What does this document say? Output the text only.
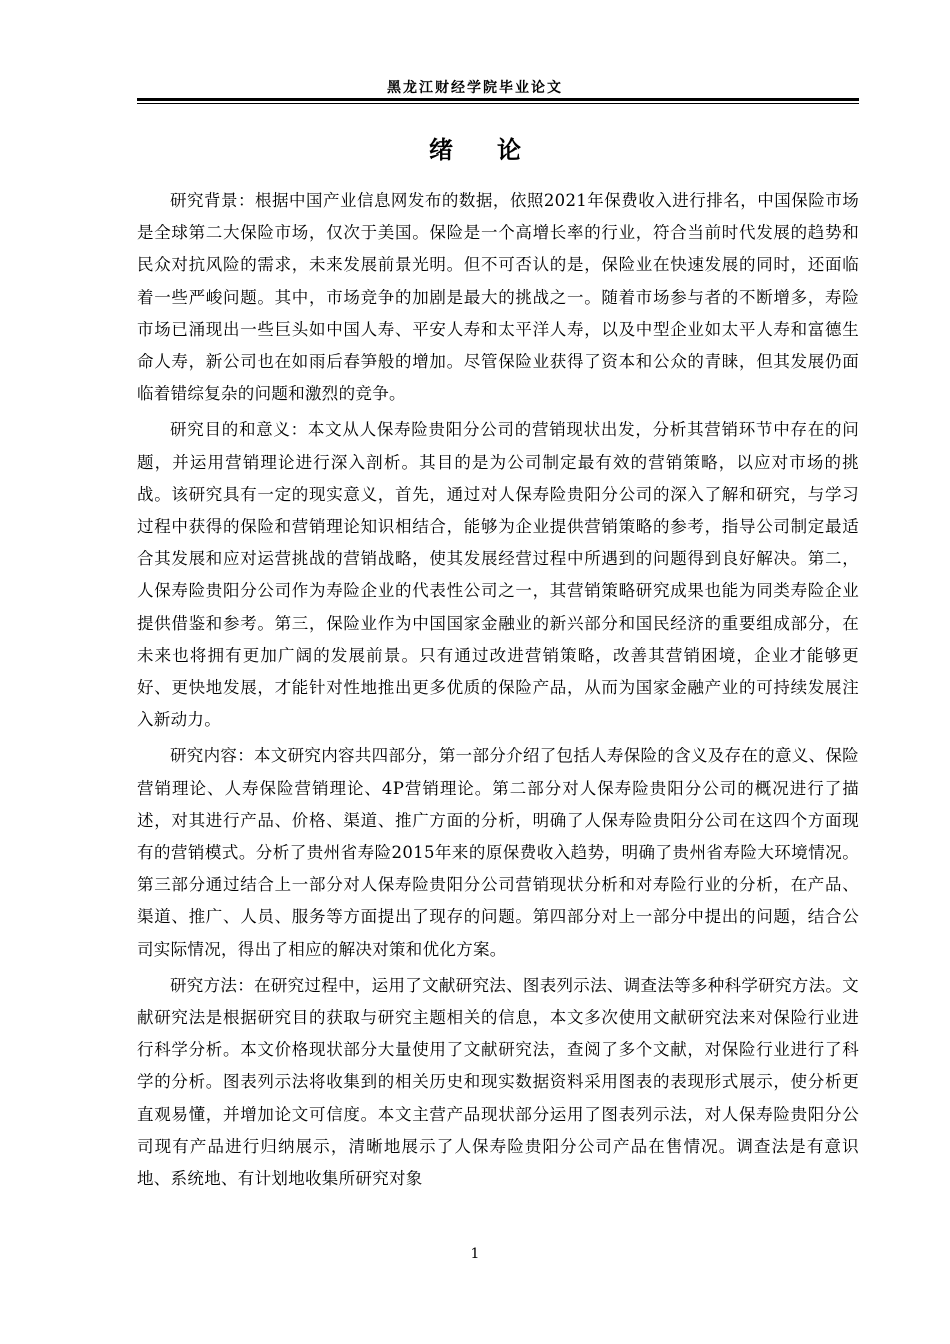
黑龙江财经学院毕业论文
绪论

研究背景：根据中国产业信息网发布的数据，依照2021年保费收入进行排名，中国保险市场是全球第二大保险市场，仅次于美国。保险是一个高增长率的行业，符合当前时代发展的趋势和民众对抗风险的需求，未来发展前景光明。但不可否认的是，保险业在快速发展的同时，还面临着一些严峻问题。其中，市场竞争的加剧是最大的挑战之一。随着市场参与者的不断增多，寿险市场已涌现出一些巨头如中国人寿、平安人寿和太平洋人寿，以及中型企业如太平人寿和富德生命人寿，新公司也在如雨后春笋般的增加。尽管保险业获得了资本和公众的青睐，但其发展仍面临着错综复杂的问题和激烈的竞争。

研究目的和意义：本文从人保寿险贵阳分公司的营销现状出发，分析其营销环节中存在的问题，并运用营销理论进行深入剖析。其目的是为公司制定最有效的营销策略，以应对市场的挑战。该研究具有一定的现实意义，首先，通过对人保寿险贵阳分公司的深入了解和研究，与学习过程中获得的保险和营销理论知识相结合，能够为企业提供营销策略的参考，指导公司制定最适合其发展和应对运营挑战的营销战略，使其发展经营过程中所遇到的问题得到良好解决。第二，人保寿险贵阳分公司作为寿险企业的代表性公司之一，其营销策略研究成果也能为同类寿险企业提供借鉴和参考。第三，保险业作为中国国家金融业的新兴部分和国民经济的重要组成部分，在未来也将拥有更加广阔的发展前景。只有通过改进营销策略，改善其营销困境，企业才能够更好、更快地发展，才能针对性地推出更多优质的保险产品，从而为国家金融产业的可持续发展注入新动力。

研究内容：本文研究内容共四部分，第一部分介绍了包括人寿保险的含义及存在的意义、保险营销理论、人寿保险营销理论、4P营销理论。第二部分对人保寿险贵阳分公司的概况进行了描述，对其进行产品、价格、渠道、推广方面的分析，明确了人保寿险贵阳分公司在这四个方面现有的营销模式。分析了贵州省寿险2015年来的原保费收入趋势，明确了贵州省寿险大环境情况。第三部分通过结合上一部分对人保寿险贵阳分公司营销现状分析和对寿险行业的分析，在产品、渠道、推广、人员、服务等方面提出了现存的问题。第四部分对上一部分中提出的问题，结合公司实际情况，得出了相应的解决对策和优化方案。

研究方法：在研究过程中，运用了文献研究法、图表列示法、调查法等多种科学研究方法。文献研究法是根据研究目的获取与研究主题相关的信息，本文多次使用文献研究法来对保险行业进行科学分析。本文价格现状部分大量使用了文献研究法，查阅了多个文献，对保险行业进行了科学的分析。图表列示法将收集到的相关历史和现实数据资料采用图表的表现形式展示，使分析更直观易懂，并增加论文可信度。本文主营产品现状部分运用了图表列示法，对人保寿险贵阳分公司现有产品进行归纳展示，清晰地展示了人保寿险贵阳分公司产品在售情况。调查法是有意识地、系统地、有计划地收集所研究对象

1
